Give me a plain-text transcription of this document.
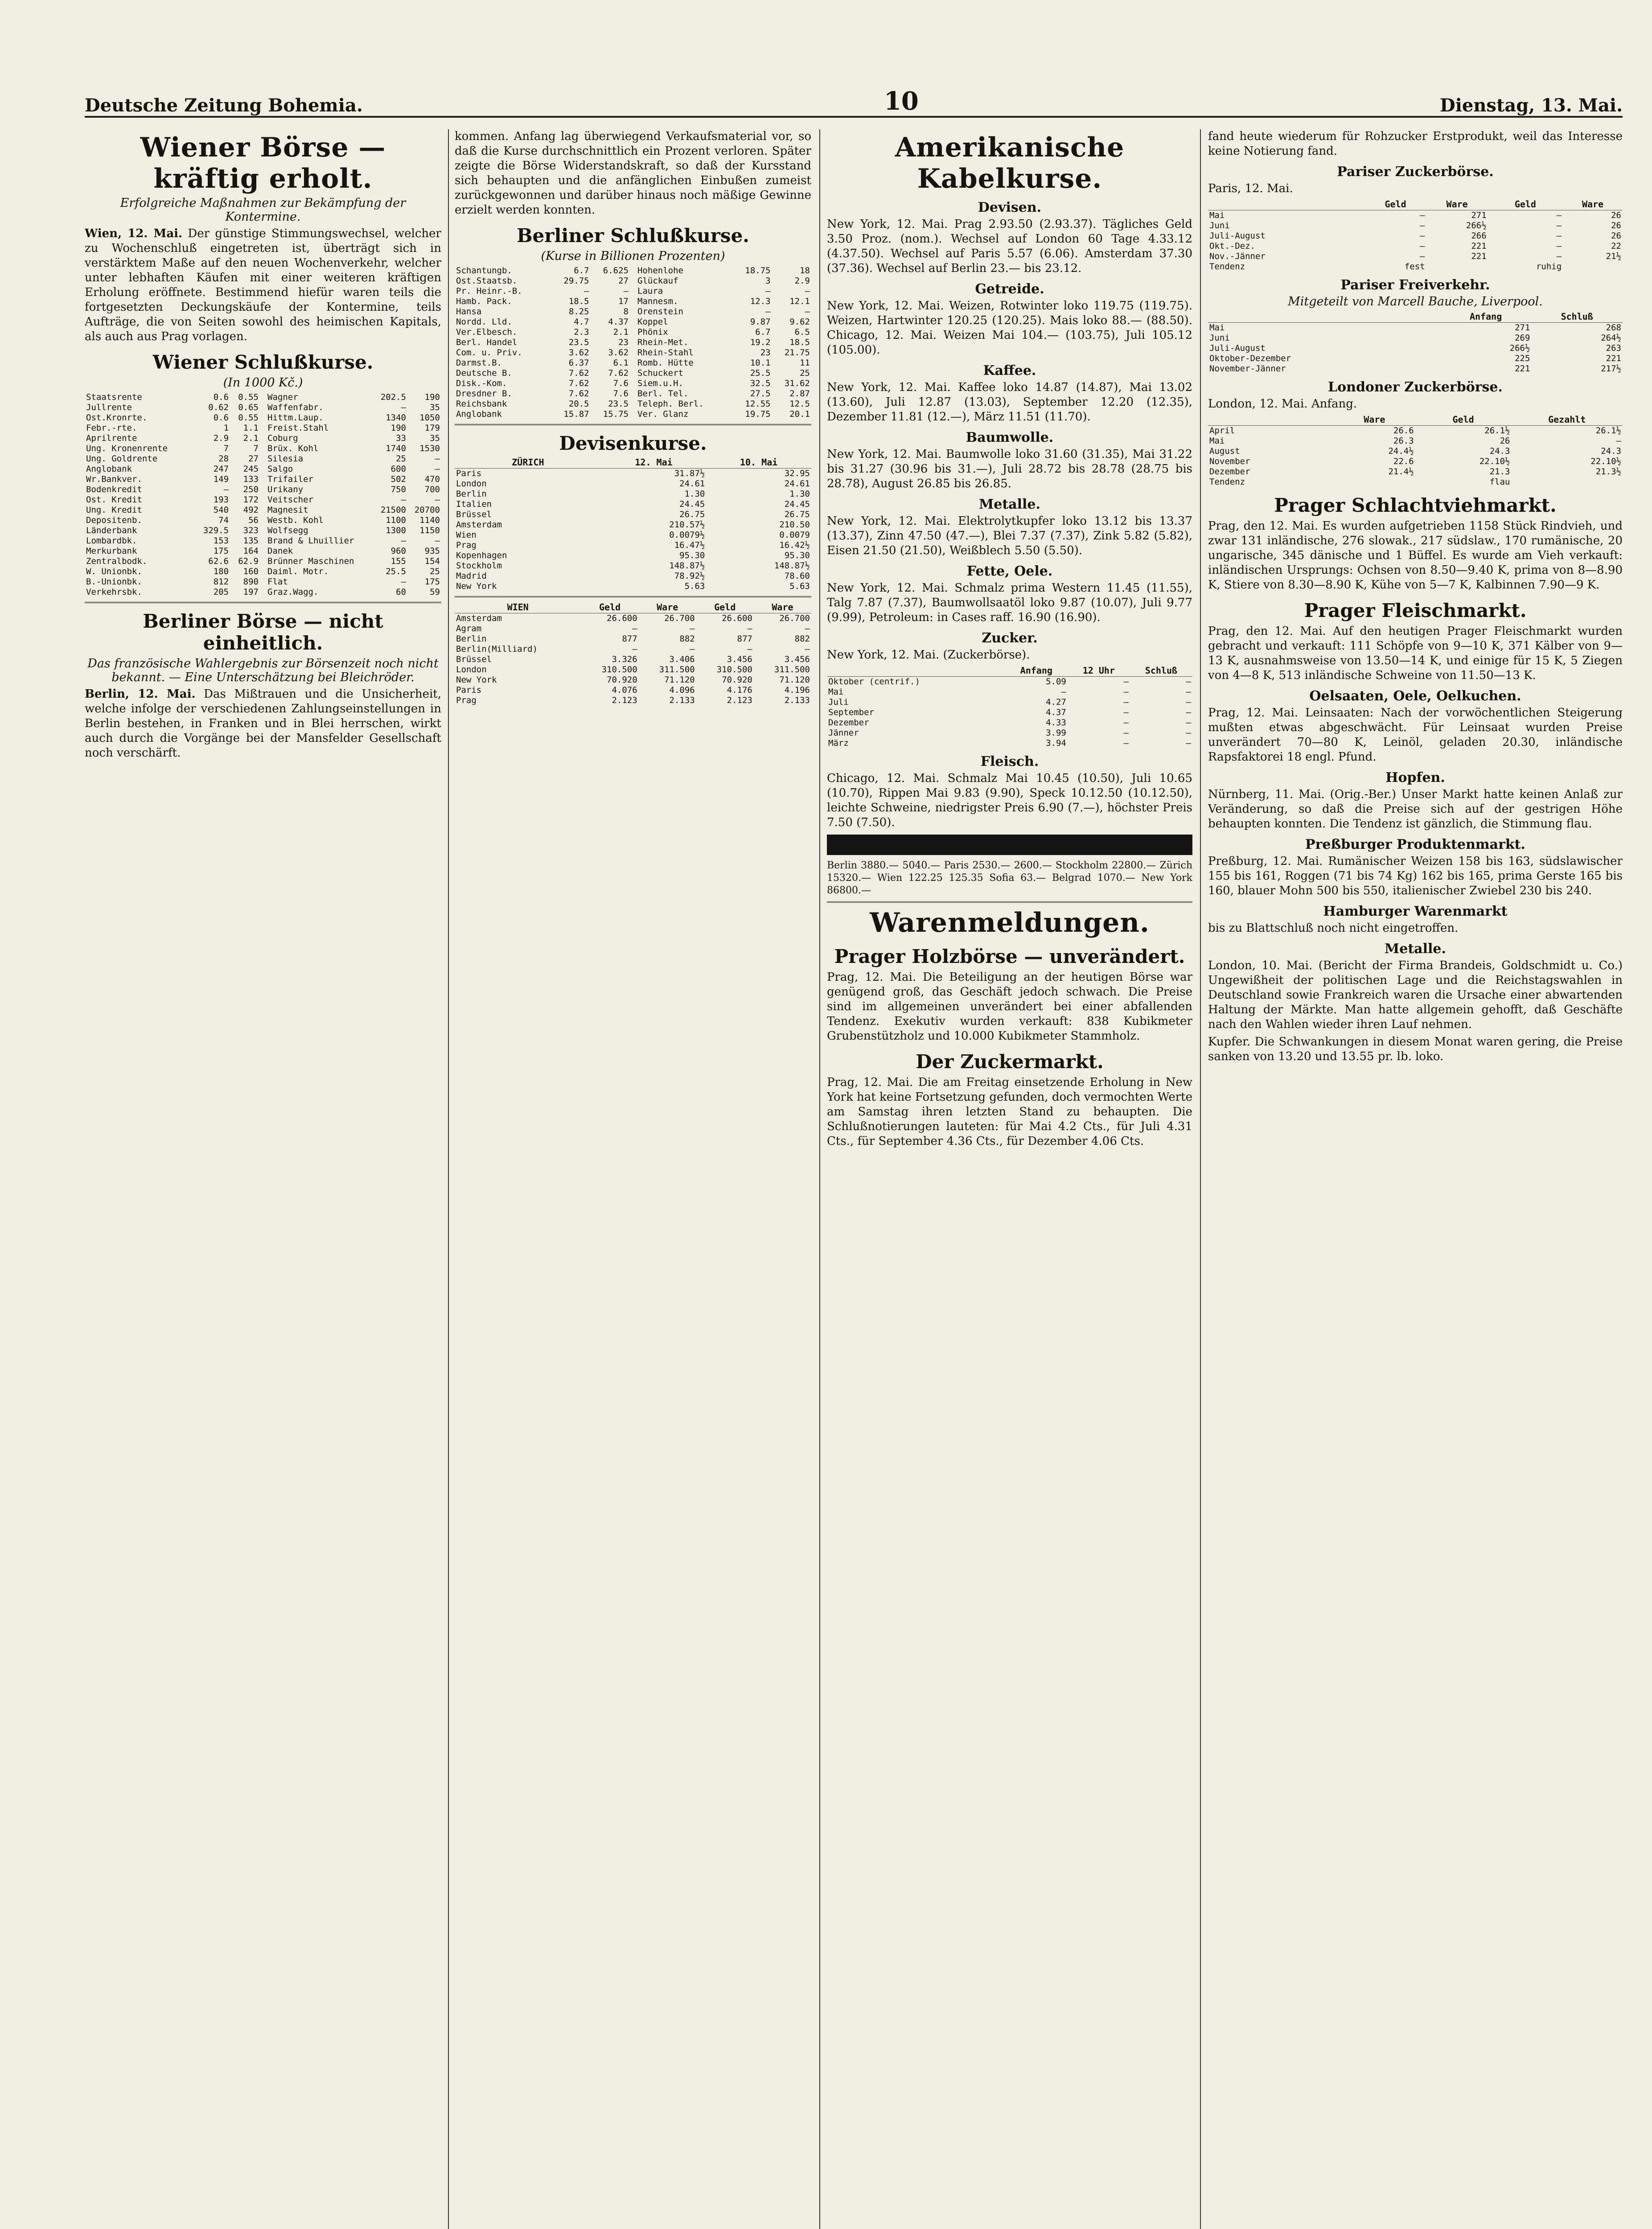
Deutsche Zeitung Bohemia.	10	Dienstag, 13. Mai.
Wiener Börse — kräftig erholt.
Erfolgreiche Maßnahmen zur Bekämpfung der Konterminе.

Wien, 12. Mai. Der günstige Stimmungswechsel, welcher zu Wochenschluß eingetreten ist, überträgt sich in verstärktem Maße auf den neuen Wochenverkehr, welcher unter lebhaften Käufen mit einer weiteren kräftigen Erholung eröffnete. Bestimmend hiefür waren teils die fortgesetzten Deckungskäufe der Kontermine, teils Aufträge, die von Seiten sowohl des heimischen Kapitals, als auch aus Prag vorlagen.

Wiener Schlußkurse.
(In 1000 Kč.)
Staatsrente	0.6	0.55
Jullrente	0.62	0.65
Ost.Kronrte.	0.6	0.55
Febr.-rte.	1	1.1
Aprilrente	2.9	2.1
Ung. Kronenrente	7	7
Ung. Goldrente	28	27
Anglobank	247	245
Wr.Bankver.	149	133
Bodenkredit	—	250
Ost. Kredit	193	172
Ung. Kredit	540	492
Depositenb.	74	56
Länderbank	329.5	323
Lombardbk.	153	135
Merkurbank	175	164
Zentralbodk.	62.6	62.9
W. Unionbk.	180	160
B.-Unionbk.	812	890
Verkehrsbk.	205	197
Wagner	202.5	190
Waffenfabr.	—	35
Hittm.Laup.	1340	1050
Freist.Stahl	190	179
Coburg	33	35
Brüx. Kohl	1740	1530
Silesia	25	—
Salgo	600	—
Trifailer	502	470
Urikany	750	700
Veitscher	—	—
Magnesit	21500	20700
Westb. Kohl	1100	1140
Wolfsegg	1300	1150
Brand & Lhuillier	—	—
Danek	960	935
Brünner Maschinen	155	154
Daiml. Motr.	25.5	25
Flat	—	175
Graz.Wagg.	60	59
Berliner Börse — nicht einheitlich.
Das französische Wahlergebnis zur Börsenzeit noch nicht bekannt. — Eine Unterschätzung bei Bleichröder.

Berlin, 12. Mai. Das Mißtrauen und die Unsicherheit, welche infolge der verschiedenen Zahlungseinstellungen in Berlin bestehen, in Franken und in Blei herrschen, wirkt auch durch die Vorgänge bei der Mansfelder Gesellschaft noch verschärft.

kommen. Anfang lag überwiegend Verkaufsmaterial vor, so daß die Kurse durchschnittlich ein Prozent verloren. Später zeigte die Börse Widerstandskraft, so daß der Kursstand sich behaupten und die anfänglichen Einbußen zumeist zurückgewonnen und darüber hinaus noch mäßige Gewinne erzielt werden konnten.

Berliner Schlußkurse.
(Kurse in Billionen Prozenten)
Schantungb.	6.7	6.625
Ost.Staatsb.	29.75	27
Pr. Heinr.-B.	—	—
Hamb. Pack.	18.5	17
Hansa	8.25	8
Nordd. Lld.	4.7	4.37
Ver.Elbesch.	2.3	2.1
Berl. Handel	23.5	23
Com. u. Priv.	3.62	3.62
Darmst.B.	6.37	6.1
Deutsche B.	7.62	7.62
Disk.-Kom.	7.62	7.6
Dresdner B.	7.62	7.6
Reichsbank	20.5	23.5
Anglobank	15.87	15.75
Hohenlohe	18.75	18
Glückauf	3	2.9
Laura	—	—
Mannesm.	12.3	12.1
Orenstein	—	—
Koppel	9.87	9.62
Phönix	6.7	6.5
Rhein-Met.	19.2	18.5
Rhein-Stahl	23	21.75
Romb. Hütte	10.1	11
Schuckert	25.5	25
Siem.u.H.	32.5	31.62
Berl. Tel.	27.5	2.87
Teleph. Berl.	12.55	12.5
Ver. Glanz	19.75	20.1
Devisenkurse.
ZÜRICH	12. Mai	10. Mai
Paris	31.87½	32.95
London	24.61	24.61
Berlin	1.30	1.30
Italien	24.45	24.45
Brüssel	26.75	26.75
Amsterdam	210.57½	210.50
Wien	0.0079½	0.0079
Prag	16.47½	16.42½
Kopenhagen	95.30	95.30
Stockholm	148.87½	148.87½
Madrid	78.92½	78.60
New York	5.63	5.63
WIEN	Geld	Ware	Geld	Ware
Amsterdam	26.600	26.700	26.600	26.700
Agram	—	—	—	—
Berlin	877	882	877	882
Berlin(Milliard)	—	—	—	—
Brüssel	3.326	3.406	3.456	3.456
London	310.500	311.500	310.500	311.500
New York	70.920	71.120	70.920	71.120
Paris	4.076	4.096	4.176	4.196
Prag	2.123	2.133	2.123	2.133
Amerikanische Kabelkurse.
Devisen.

New York, 12. Mai. Prag 2.93.50 (2.93.37). Tägliches Geld 3.50 Proz. (nom.). Wechsel auf London 60 Tage 4.33.12 (4.37.50). Wechsel auf Paris 5.57 (6.06). Amsterdam 37.30 (37.36). Wechsel auf Berlin 23.— bis 23.12.

Getreide.

New York, 12. Mai. Weizen, Rotwinter loko 119.75 (119.75). Weizen, Hartwinter 120.25 (120.25). Mais loko 88.— (88.50). Chicago, 12. Mai. Weizen Mai 104.— (103.75), Juli 105.12 (105.00).

Kaffee.

New York, 12. Mai. Kaffee loko 14.87 (14.87), Mai 13.02 (13.60), Juli 12.87 (13.03), September 12.20 (12.35), Dezember 11.81 (12.—), März 11.51 (11.70).

Baumwolle.

New York, 12. Mai. Baumwolle loko 31.60 (31.35), Mai 31.22 bis 31.27 (30.96 bis 31.—), Juli 28.72 bis 28.78 (28.75 bis 28.78), August 26.85 bis 26.85.

Metalle.

New York, 12. Mai. Elektrolytkupfer loko 13.12 bis 13.37 (13.37), Zinn 47.50 (47.—), Blei 7.37 (7.37), Zink 5.82 (5.82), Eisen 21.50 (21.50), Weißblech 5.50 (5.50).

Fette, Oele.

New York, 12. Mai. Schmalz prima Western 11.45 (11.55), Talg 7.87 (7.37), Baumwollsaatöl loko 9.87 (10.07), Juli 9.77 (9.99), Petroleum: in Cases raff. 16.90 (16.90).

Zucker.

New York, 12. Mai. (Zuckerbörse).

	Anfang	12 Uhr	Schluß
Oktober (centrif.)	5.09	—	—
Mai	—	—	—
Juli	4.27	—	—
September	4.37	—	—
Dezember	4.33	—	—
Jänner	3.99	—	—
März	3.94	—	—
Fleisch.

Chicago, 12. Mai. Schmalz Mai 10.45 (10.50), Juli 10.65 (10.70), Rippen Mai 9.83 (9.90), Speck 10.12.50 (10.12.50), leichte Schweine, niedrigster Preis 6.90 (7.—), höchster Preis 7.50 (7.50).

Berlin 3880.— 5040.— Paris 2530.— 2600.— Stockholm 22800.— Zürich 15320.— Wien 122.25 125.35 Sofia 63.— Belgrad 1070.— New York 86800.—

Warenmeldungen.
Prager Holzbörse — unverändert.

Prag, 12. Mai. Die Beteiligung an der heutigen Börse war genügend groß, das Geschäft jedoch schwach. Die Preise sind im allgemeinen unverändert bei einer abfallenden Tendenz. Exekutiv wurden verkauft: 838 Kubikmeter Grubenstützholz und 10.000 Kubikmeter Stammholz.

Der Zuckermarkt.

Prag, 12. Mai. Die am Freitag einsetzende Erholung in New York hat keine Fortsetzung gefunden, doch vermochten Werte am Samstag ihren letzten Stand zu behaupten. Die Schlußnotierungen lauteten: für Mai 4.2 Cts., für Juli 4.31 Cts., für September 4.36 Cts., für Dezember 4.06 Cts.

fand heute wiederum für Rohzucker Erstprodukt, weil das Interesse keine Notierung fand.

Pariser Zuckerbörse.

Paris, 12. Mai.

	Geld	Ware	Geld	Ware
Mai	—	271	—	26
Juni	—	266½	—	26
Juli-August	—	266	—	26
Okt.-Dez.	—	221	—	22
Nov.-Jänner	—	221	—	21½
Tendenz	fest		ruhig	
Pariser Freiverkehr.
Mitgeteilt von Marcell Bauche, Liverpool.
	Anfang	Schluß
Mai	271	268
Juni	269	264½
Juli-August	266½	263
Oktober-Dezember	225	221
November-Jänner	221	217½
Londoner Zuckerbörse.

London, 12. Mai. Anfang.

	Ware	Geld	Gezahlt
April	26.6	26.1½	26.1½
Mai	26.3	26	—
August	24.4½	24.3	24.3
November	22.6	22.10½	22.10½
Dezember	21.4½	21.3	21.3½
Tendenz		flau	
Prager Schlachtviehmarkt.

Prag, den 12. Mai. Es wurden aufgetrieben 1158 Stück Rindvieh, und zwar 131 inländische, 276 slowak., 217 südslaw., 170 rumänische, 20 ungarische, 345 dänische und 1 Büffel. Es wurde am Vieh verkauft: inländischen Ursprungs: Ochsen von 8.50—9.40 K, prima von 8—8.90 K, Stiere von 8.30—8.90 K, Kühe von 5—7 K, Kalbinnen 7.90—9 K.

Prager Fleischmarkt.

Prag, den 12. Mai. Auf den heutigen Prager Fleischmarkt wurden gebracht und verkauft: 111 Schöpfe von 9—10 K, 371 Kälber von 9—13 K, ausnahmsweise von 13.50—14 K, und einige für 15 K, 5 Ziegen von 4—8 K, 513 inländische Schweine von 11.50—13 K.

Oelsaaten, Oele, Oelkuchen.

Prag, 12. Mai. Leinsaaten: Nach der vorwöchentlichen Steigerung mußten etwas abgeschwächt. Für Leinsaat wurden Preise unverändert 70—80 K, Leinöl, geladen 20.30, inländische Rapsfaktorei 18 engl. Pfund.

Hopfen.

Nürnberg, 11. Mai. (Orig.-Ber.) Unser Markt hatte keinen Anlaß zur Veränderung, so daß die Preise sich auf der gestrigen Höhe behaupten konnten. Die Tendenz ist gänzlich, die Stimmung flau.

Preßburger Produktenmarkt.

Preßburg, 12. Mai. Rumänischer Weizen 158 bis 163, südslawischer 155 bis 161, Roggen (71 bis 74 Kg) 162 bis 165, prima Gerste 165 bis 160, blauer Mohn 500 bis 550, italienischer Zwiebel 230 bis 240.

Hamburger Warenmarkt

bis zu Blattschluß noch nicht eingetroffen.

Metalle.

London, 10. Mai. (Bericht der Firma Brandeis, Goldschmidt u. Co.) Ungewißheit der politischen Lage und die Reichstagswahlen in Deutschland sowie Frankreich waren die Ursache einer abwartenden Haltung der Märkte. Man hatte allgemein gehofft, daß Geschäfte nach den Wahlen wieder ihren Lauf nehmen.

Kupfer. Die Schwankungen in diesem Monat waren gering, die Preise sanken von 13.20 und 13.55 pr. lb. loko.
